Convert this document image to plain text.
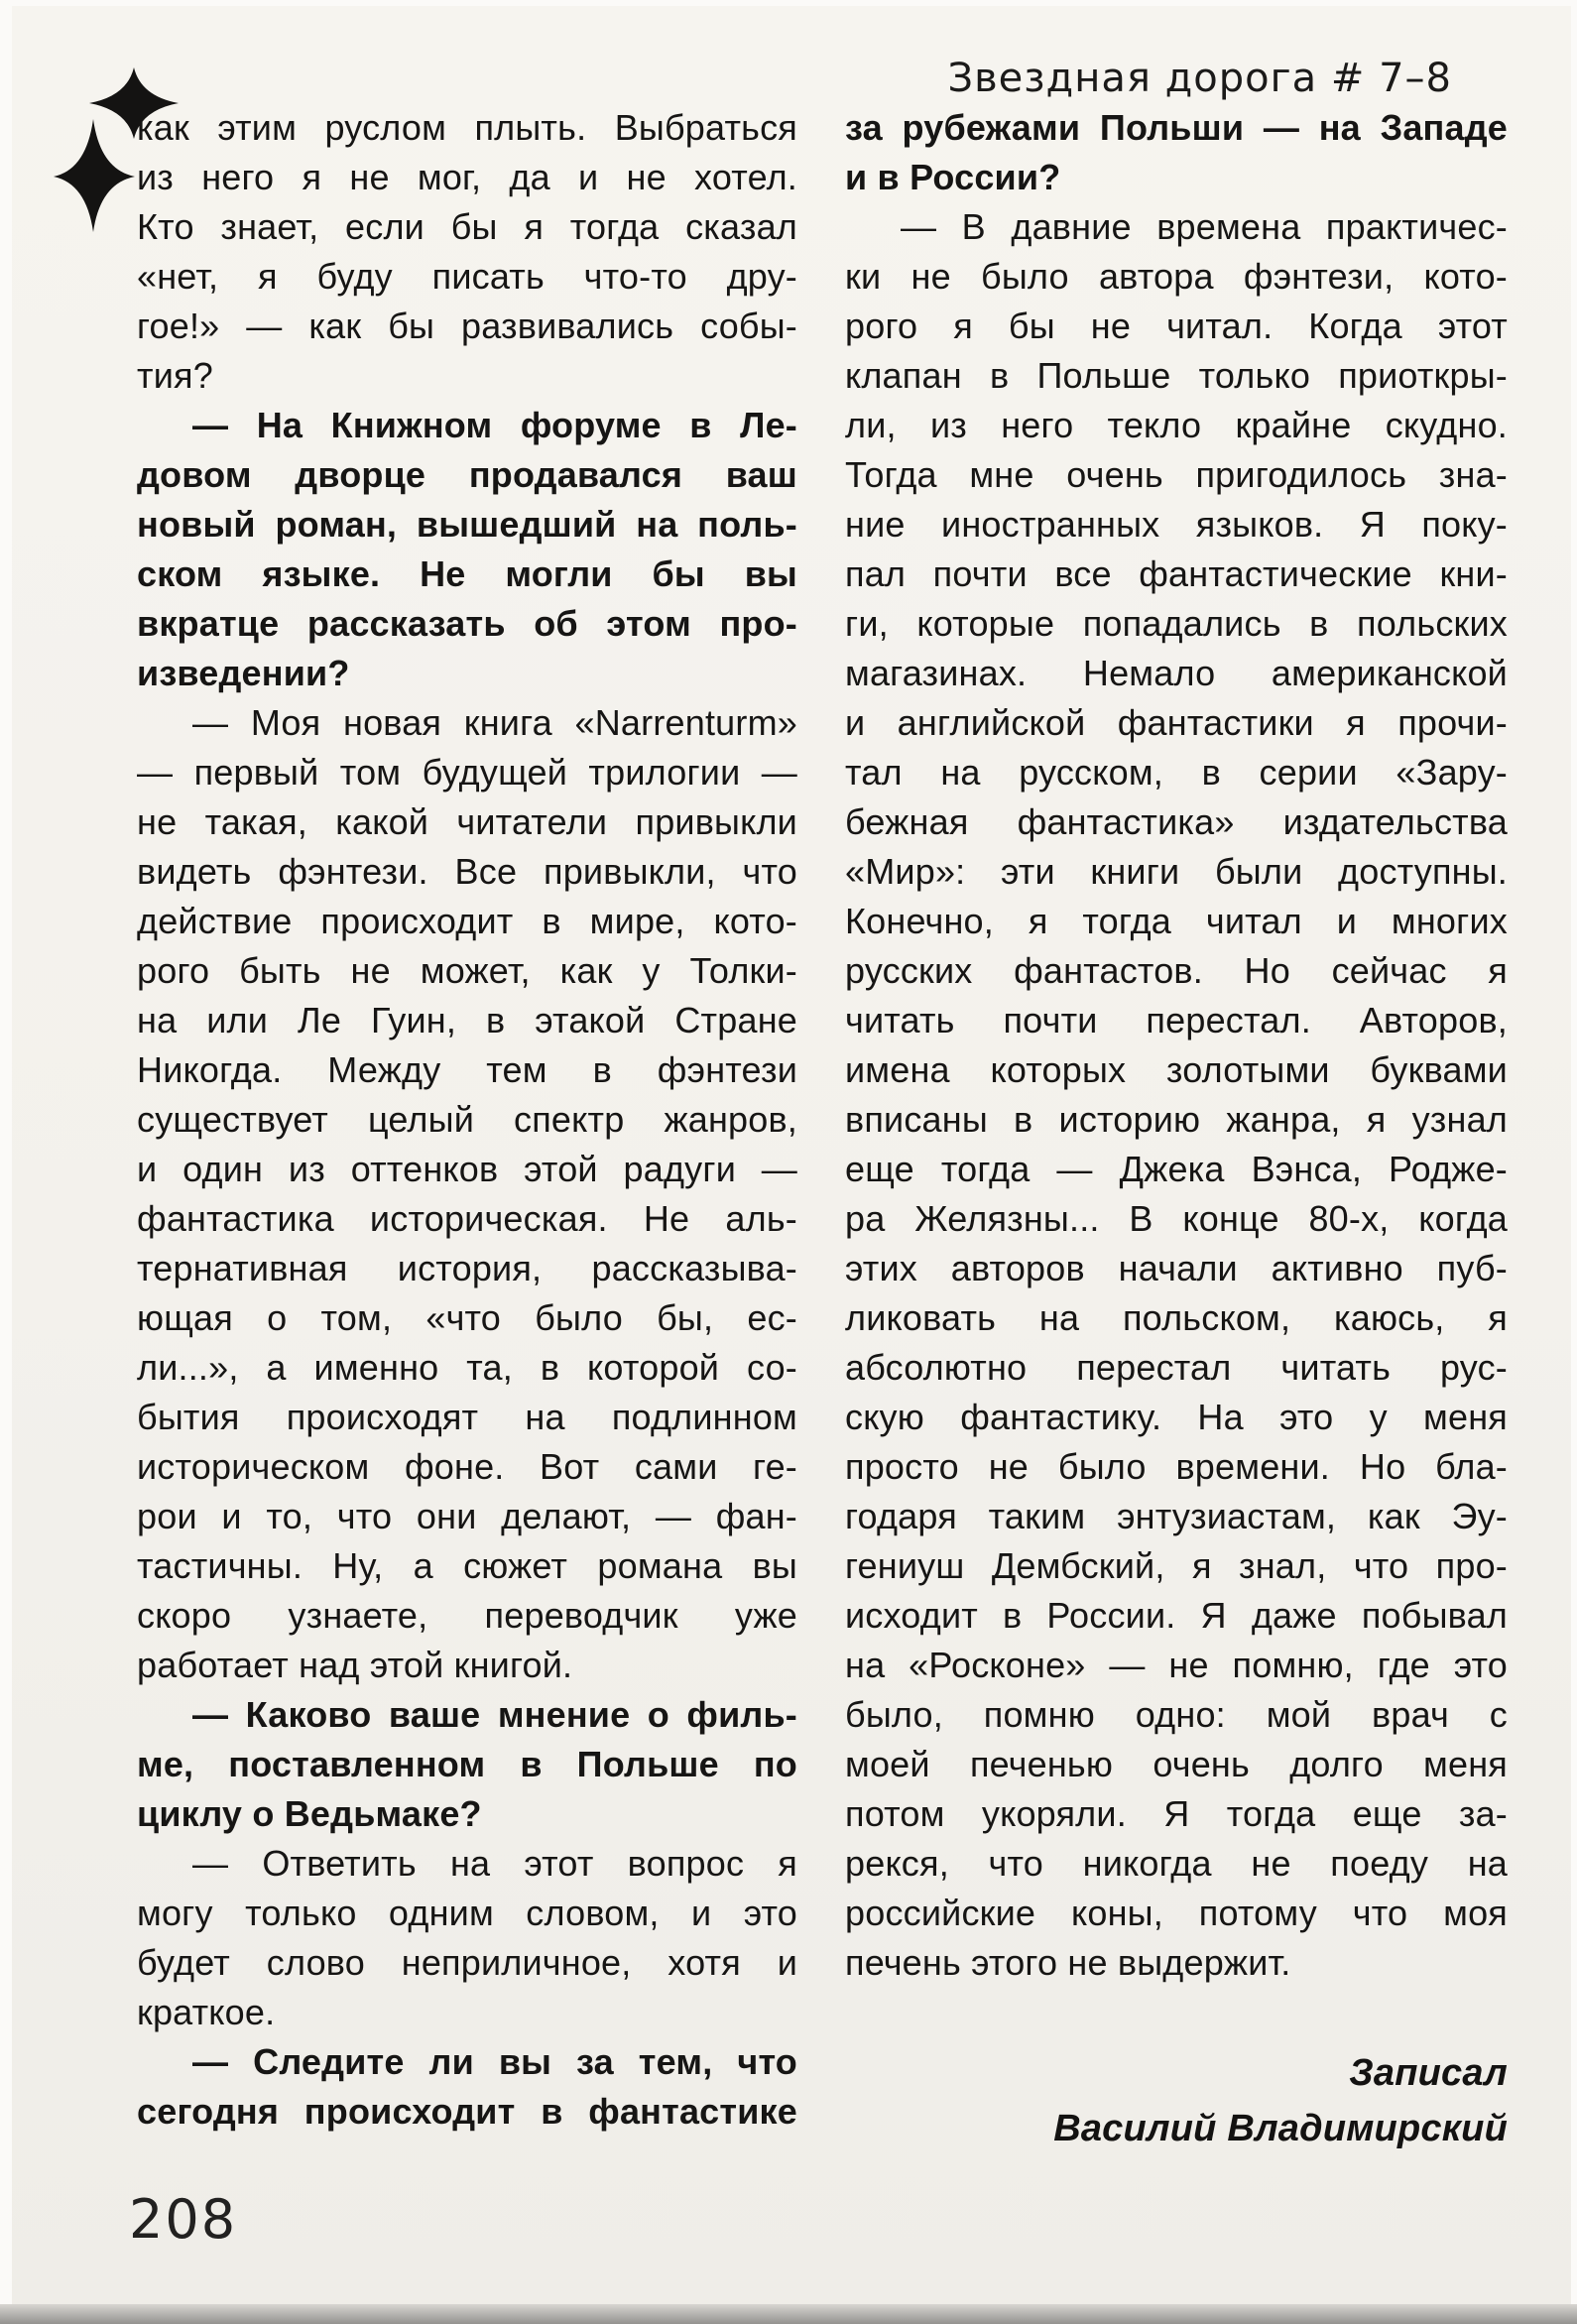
Звездная дорога # 7–8
как этим руслом плыть. Выбраться
из него я не мог, да и не хотел.
Кто знает, если бы я тогда сказал
«нет, я буду писать что-то дру-
гое!» — как бы развивались собы-
тия?
— На Книжном форуме в Ле-
довом дворце продавался ваш
новый роман, вышедший на поль-
ском языке. Не могли бы вы
вкратце рассказать об этом про-
изведении?
— Моя новая книга «Narrenturm»
— первый том будущей трилогии —
не такая, какой читатели привыкли
видеть фэнтези. Все привыкли, что
действие происходит в мире, кото-
рого быть не может, как у Толки-
на или Ле Гуин, в этакой Стране
Никогда. Между тем в фэнтези
существует целый спектр жанров,
и один из оттенков этой радуги —
фантастика историческая. Не аль-
тернативная история, рассказыва-
ющая о том, «что было бы, ес-
ли...», а именно та, в которой со-
бытия происходят на подлинном
историческом фоне. Вот сами ге-
рои и то, что они делают, — фан-
тастичны. Ну, а сюжет романа вы
скоро узнаете, переводчик уже
работает над этой книгой.
— Каково ваше мнение о филь-
ме, поставленном в Польше по
циклу о Ведьмаке?
— Ответить на этот вопрос я
могу только одним словом, и это
будет слово неприличное, хотя и
краткое.
— Следите ли вы за тем, что
сегодня происходит в фантастике
за рубежами Польши — на Западе
и в России?
— В давние времена практичес-
ки не было автора фэнтези, кото-
рого я бы не читал. Когда этот
клапан в Польше только приоткры-
ли, из него текло крайне скудно.
Тогда мне очень пригодилось зна-
ние иностранных языков. Я поку-
пал почти все фантастические кни-
ги, которые попадались в польских
магазинах. Немало американской
и английской фантастики я прочи-
тал на русском, в серии «Зару-
бежная фантастика» издательства
«Мир»: эти книги были доступны.
Конечно, я тогда читал и многих
русских фантастов. Но сейчас я
читать почти перестал. Авторов,
имена которых золотыми буквами
вписаны в историю жанра, я узнал
еще тогда — Джека Вэнса, Родже-
ра Желязны... В конце 80-х, когда
этих авторов начали активно пуб-
ликовать на польском, каюсь, я
абсолютно перестал читать рус-
скую фантастику. На это у меня
просто не было времени. Но бла-
годаря таким энтузиастам, как Эу-
гениуш Дембский, я знал, что про-
исходит в России. Я даже побывал
на «Росконе» — не помню, где это
было, помню одно: мой врач с
моей печенью очень долго меня
потом укоряли. Я тогда еще за-
рекся, что никогда не поеду на
российские коны, потому что моя
печень этого не выдержит.
Записал
Василий Владимирский
208
